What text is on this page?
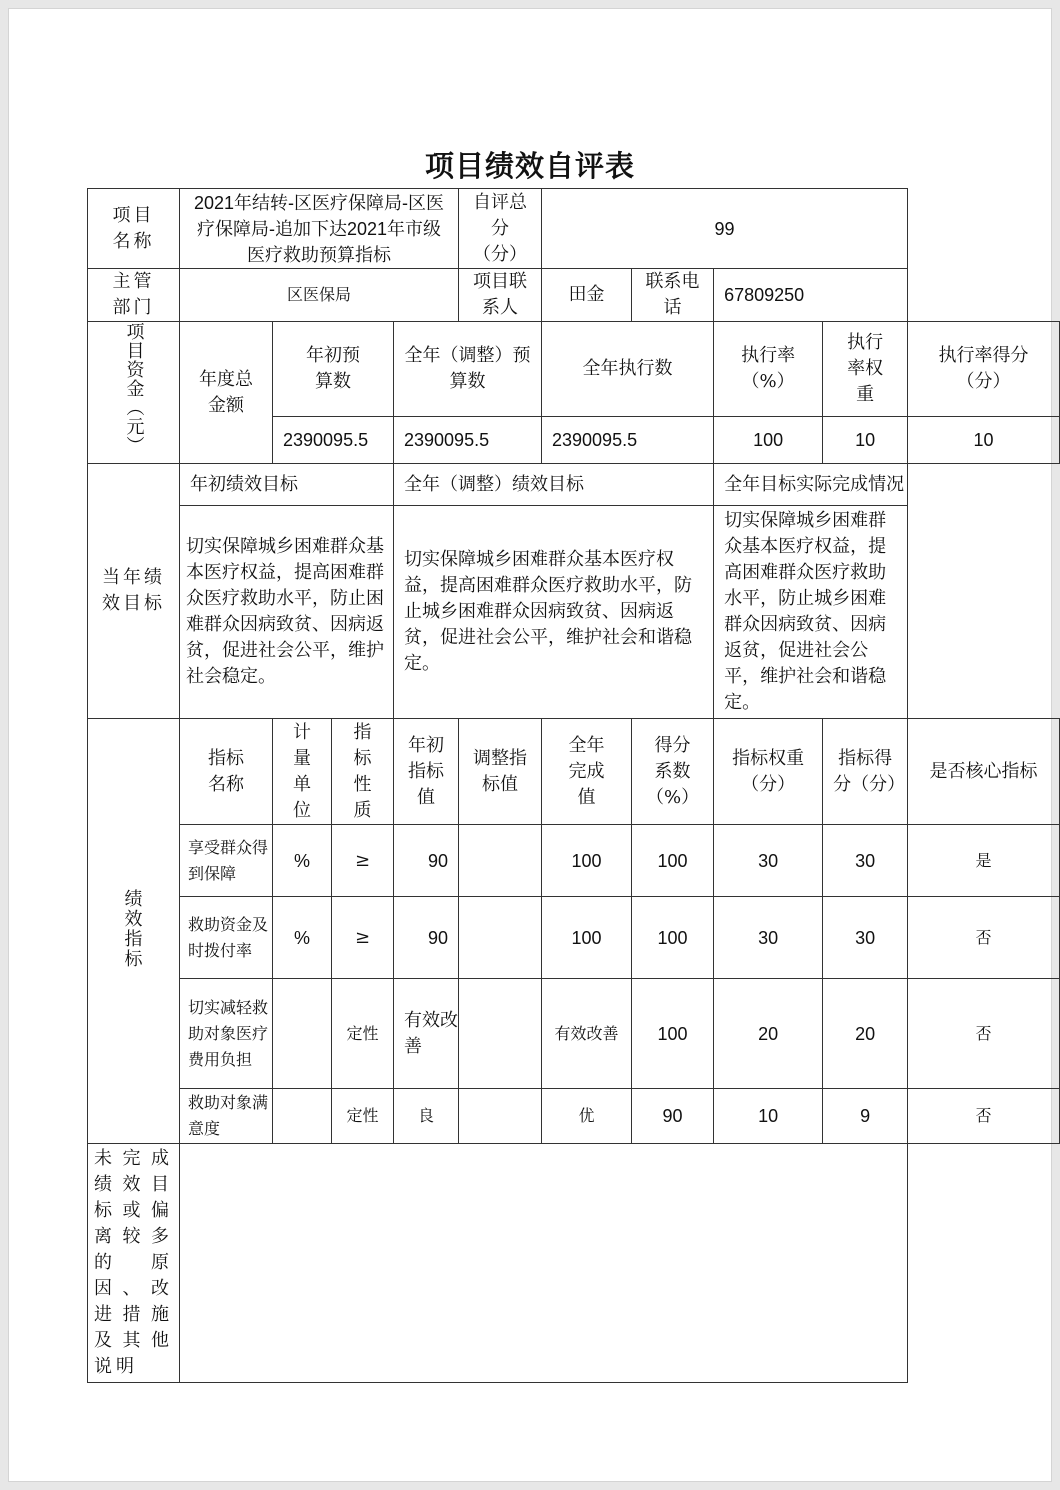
项目绩效自评表
项目名称	2021年结转-区医疗保障局-区医疗保障局-追加下达2021年市级医疗救助预算指标				自评总分（分）	99				
主管部门	区医保局				项目联系人	田金	联系电话	67809250		
项目资金（元）	年度总金额	年初预算数		全年（调整）预算数		全年执行数		执行率（%）	执行率权重	执行率得分（分）
		2390095.5		2390095.5		2390095.5		100	10	10
当年绩效目标	年初绩效目标			全年（调整）绩效目标				全年目标实际完成情况		
	切实保障城乡困难群众基本医疗权益，提高困难群众医疗救助水平，防止困难群众因病致贫、因病返贫，促进社会公平，维护社会稳定。			切实保障城乡困难群众基本医疗权益，提高困难群众医疗救助水平，防止城乡困难群众因病致贫、因病返贫，促进社会公平，维护社会和谐稳定。				切实保障城乡困难群众基本医疗权益，提高困难群众医疗救助水平，防止城乡困难群众因病致贫、因病返贫，促进社会公平，维护社会和谐稳定。		
绩效指标	指标名称	计量单位	指标性质	年初指标值	调整指标值	全年完成值	得分系数（%）	指标权重（分）	指标得分（分）	是否核心指标
	享受群众得到保障	%	≥	90		100	100	30	30	是
	救助资金及时拨付率	%	≥	90		100	100	30	30	否
	切实减轻救助对象医疗费用负担		定性	有效改善		有效改善	100	20	20	否
	救助对象满意度		定性	良		优	90	10	9	否
未完成绩效目标或偏离较多的原因、改进措施及其他说明										
